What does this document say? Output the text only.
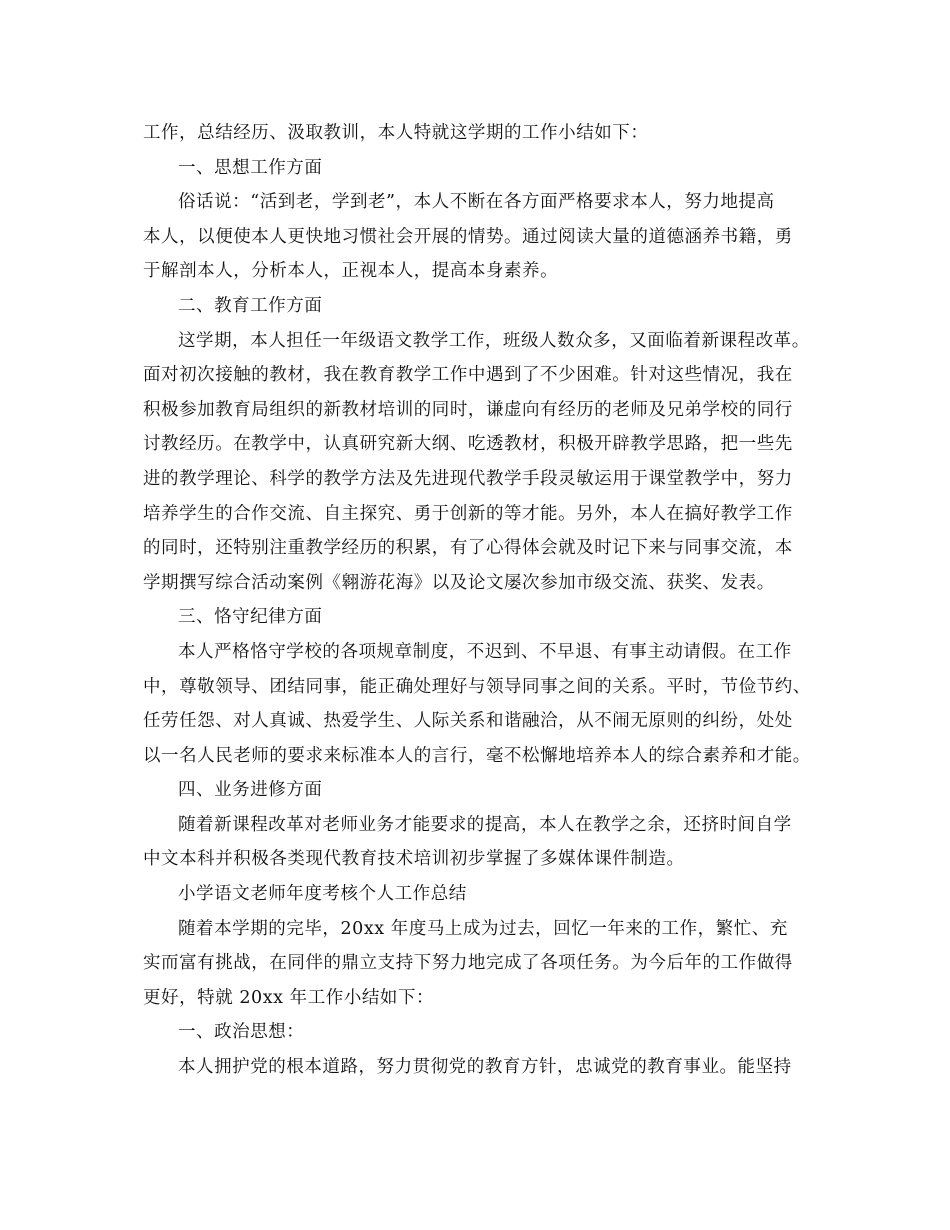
工作，总结经历、汲取教训，本人特就这学期的工作小结如下：
一、思想工作方面
俗话说：“活到老，学到老”，本人不断在各方面严格要求本人，努力地提高
本人，以便使本人更快地习惯社会开展的情势。通过阅读大量的道德涵养书籍，勇
于解剖本人，分析本人，正视本人，提高本身素养。
二、教育工作方面
这学期，本人担任一年级语文教学工作，班级人数众多，又面临着新课程改革。
面对初次接触的教材，我在教育教学工作中遇到了不少困难。针对这些情况，我在
积极参加教育局组织的新教材培训的同时，谦虚向有经历的老师及兄弟学校的同行
讨教经历。在教学中，认真研究新大纲、吃透教材，积极开辟教学思路，把一些先
进的教学理论、科学的教学方法及先进现代教学手段灵敏运用于课堂教学中，努力
培养学生的合作交流、自主探究、勇于创新的等才能。另外，本人在搞好教学工作
的同时，还特别注重教学经历的积累，有了心得体会就及时记下来与同事交流，本
学期撰写综合活动案例《翱游花海》以及论文屡次参加市级交流、获奖、发表。
三、恪守纪律方面
本人严格恪守学校的各项规章制度，不迟到、不早退、有事主动请假。在工作
中，尊敬领导、团结同事，能正确处理好与领导同事之间的关系。平时，节俭节约、
任劳任怨、对人真诚、热爱学生、人际关系和谐融洽，从不闹无原则的纠纷，处处
以一名人民老师的要求来标准本人的言行，毫不松懈地培养本人的综合素养和才能。
四、业务进修方面
随着新课程改革对老师业务才能要求的提高，本人在教学之余，还挤时间自学
中文本科并积极各类现代教育技术培训初步掌握了多媒体课件制造。
小学语文老师年度考核个人工作总结
随着本学期的完毕，20xx 年度马上成为过去，回忆一年来的工作，繁忙、充
实而富有挑战，在同伴的鼎立支持下努力地完成了各项任务。为今后年的工作做得
更好，特就 20xx 年工作小结如下：
一、政治思想：
本人拥护党的根本道路，努力贯彻党的教育方针，忠诚党的教育事业。能坚持
